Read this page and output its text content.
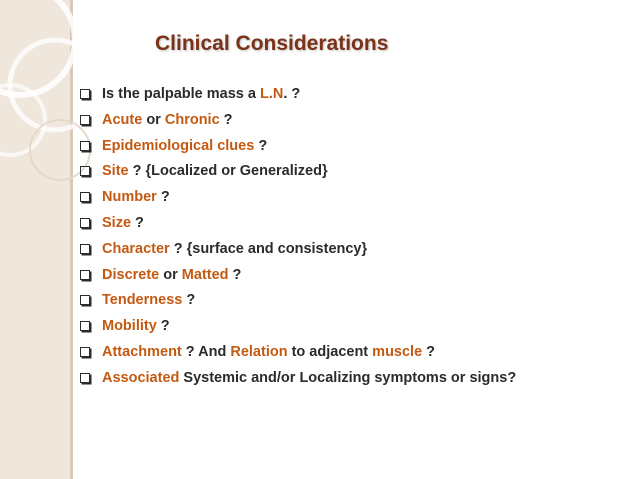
Clinical Considerations
Is the palpable mass a L.N. ?
Acute or Chronic ?
Epidemiological clues ?
Site ? {Localized or Generalized}
Number ?
Size ?
Character ? {surface and consistency}
Discrete or Matted ?
Tenderness ?
Mobility ?
Attachment ? And Relation to adjacent muscle ?
Associated Systemic and/or Localizing symptoms or signs?
